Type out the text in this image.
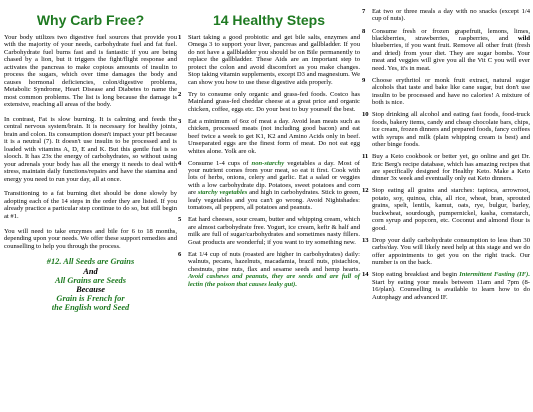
Why Carb Free?

Your body utilizes two digestive fuel sources that provide you with the majority of your needs, carbohydrate fuel and fat fuel. Carbohydrate fuel burns fast and is fantastic if you are being chased by a lion, but it triggers the fight/flight response and activates the pancreas to make copious amounts of insulin to process the sugars, which over time damages the body and causes hormonal deficiencies, colon/digestive problems, Metabolic Syndrome, Heart Disease and Diabetes to name the most common problems. The list is long because the damage is extensive, reaching all areas of the body.

In contrast, Fat is slow burning. It is calming and feeds the central nervous system/brain. It is necessary for healthy joints, brain and colon. Its consumption doesn't impact your pH because it is a neutral (7). It doesn't use insulin to be processed and is loaded with vitamins A, D, E and K. But this gentle fuel is so slooch. It has 23x the energy of carbohydrates, so without using your adrenals your body has all the energy it needs to deal with stress, maintain daily functions/repairs and have the stamina and energy you need to run your day, all at once.

Transitioning to a fat burning diet should be done slowly by adopting each of the 14 steps in the order they are listed. If you already practice a particular step continue to do so, but still begin at #1.

You will need to take enzymes and bile for 6 to 18 months, depending upon your needs. We offer these support remedies and counselling to help you through the process.

#12. All Seeds are Grains
And
All Grains are Seeds
Because
Grain is French for
the English word Seed
14 Healthy Steps
1 Start taking a good probiotic and get bile salts, enzymes and Omega 3 to support your liver, pancreas and gallbladder. If you do not have a gallbladder you should be on Bile permanently to replace the gallbladder. These Aids are an important step to protect the colon and avoid discomfort as you make changes. Stop taking vitamin supplements, except D3 and magnesium. We can show you how to use these digestive aids properly.
2 Try to consume only organic and grass-fed foods. Costco has Mainland grass-fed cheddar cheese at a great price and organic chicken, coffee, eggs etc. Do your best to buy yourself the best.
3 Eat a minimum of 6oz of meat a day. Avoid lean meats such as chicken, processed meats (not including good bacon) and eat beef twice a week to get K1, K2 and Amino Acids only in beef. Unseparated eggs are the finest form of meat. Do not eat egg whites alone. Yolk are ok.
4 Consume 1-4 cups of non-starchy vegetables a day. Most of your nutrient comes from your meat, so eat it first. Cook with lots of herbs, onions, celery and garlic. Eat a salad or veggies with a low carbohydrate dip. Potatoes, sweet potatoes and corn are starchy vegetables and high in carbohydrates. Stick to green, leafy vegetables and you can't go wrong. Avoid Nightshades: tomatoes, all peppers, all potatoes and peanuts.
5 Eat hard cheeses, sour cream, butter and whipping cream, which are almost carbohydrate free. Yogurt, ice cream, kefir & half and milk are full of sugar/carbohydrates and sometimes nasty fillers. Goat products are wonderful; if you want to try something new.
6 Eat 1/4 cup of nuts (roasted are higher in carbohydrates) daily: walnuts, pecans, hazelnuts, macadamia, brazil nuts, pistachios, chestnuts, pine nuts, flax and sesame seeds and hemp hearts. Avoid cashews and peanuts, they are seeds and are full of lectin (the poison that causes leaky gut).
7 Eat two or three meals a day with no snacks (except 1/4 cup of nuts).
8 Consume fresh or frozen grapefruit, lemons, limes, blackberries, strawberries, raspberries, and wild blueberries, if you want fruit. Remove all other fruit (fresh and dried) from your diet. They are sugar bombs. Your meat and veggies will give you all the Vit C you will ever need. Yes, it's in meat.
9 Choose erythritol or monk fruit extract, natural sugar alcohols that taste and bake like cane sugar, but don't use insulin to be processed and have no calories! A mixture of both is nice.
10 Stop drinking all alcohol and eating fast foods, food-truck foods, bakery items, candy and cheap chocolate bars, chips, ice cream, frozen dinners and prepared foods, fancy coffees with syrups and milk (plain whipping cream is best) and other binge foods.
11 Buy a Keto cookbook or better yet, go online and get Dr. Eric Berg's recipe database, which has amazing recipes that are specifically designed for Healthy Keto. Make a Keto dinner 3x week and eventually only eat Keto dinners.
12 Stop eating all grains and starches: tapioca, arrowroot, potato, soy, quinoa, chia, all rice, wheat, bran, sprouted grains, spelt, lentils, kamut, oats, rye, bulgur, barley, buckwheat, sourdough, pumpernickel, kasha, cornstarch, corn syrup and popcorn, etc. Coconut and almond flour is good.
13 Drop your daily carbohydrate consumption to less than 30 carbs/day. You will likely need help at this stage and we do offer appointments to get you on the right track. Our number is on the back.
14 Stop eating breakfast and begin Intermittent Fasting (IF). Start by eating your meals between 11am and 7pm (8-16/plan). Counselling is available to learn how to do Autophagy and advanced IF.
